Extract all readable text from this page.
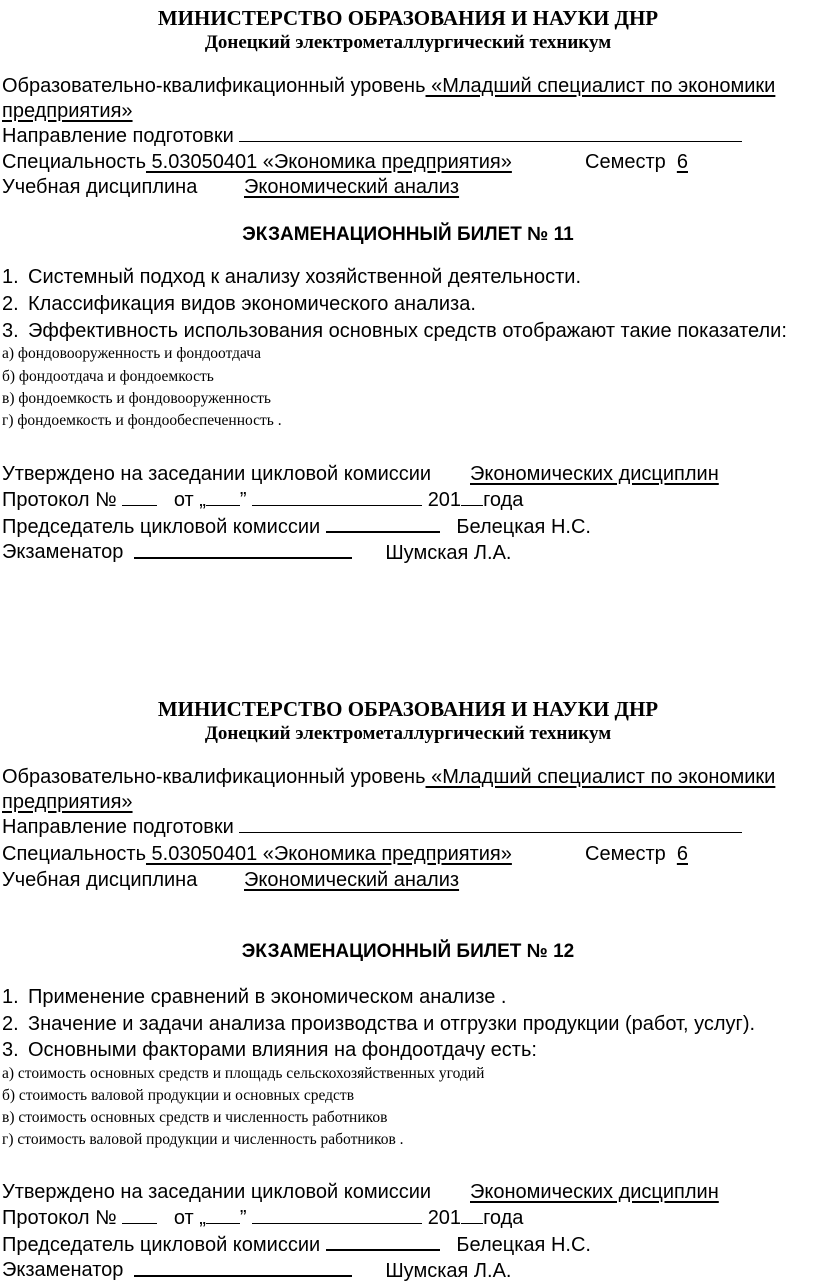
МИНИСТЕРСТВО ОБРАЗОВАНИЯ И НАУКИ ДНР
Донецкий электрометаллургический техникум
Образовательно-квалификационный уровень «Младший специалист по экономики
предприятия»
Направление подготовки
Специальность 5.03050401 «Экономика предприятия»	Семестр 6
Учебная дисциплина Экономический анализ
ЭКЗАМЕНАЦИОННЫЙ БИЛЕТ № 11
1. Системный подход к анализу хозяйственной деятельности.
2. Классификация видов экономического анализа.
3. Эффективность использования основных средств отображают такие показатели:
а) фондовооруженность и фондоотдача
б) фондоотдача и фондоемкость
в) фондоемкость и фондовооруженность
г) фондоемкость и фондообеспеченность .
Утверждено на заседании цикловой комиссии Экономических дисциплин
Протокол №	от „ ”	201 года
Председатель цикловой комиссии	Белецкая Н.С.
Экзаменатор	Шумская Л.А.
МИНИСТЕРСТВО ОБРАЗОВАНИЯ И НАУКИ ДНР
Донецкий электрометаллургический техникум
Образовательно-квалификационный уровень «Младший специалист по экономики
предприятия»
Направление подготовки
Специальность 5.03050401 «Экономика предприятия»	Семестр 6
Учебная дисциплина Экономический анализ
ЭКЗАМЕНАЦИОННЫЙ БИЛЕТ № 12
1. Применение сравнений в экономическом анализе .
2. Значение и задачи анализа производства и отгрузки продукции (работ, услуг).
3. Основными факторами влияния на фондоотдачу есть:
а) стоимость основных средств и площадь сельскохозяйственных угодий
б) стоимость валовой продукции и основных средств
в) стоимость основных средств и численность работников
г) стоимость валовой продукции и численность работников .
Утверждено на заседании цикловой комиссии Экономических дисциплин
Протокол №	от „ ”	201 года
Председатель цикловой комиссии	Белецкая Н.С.
Экзаменатор	Шумская Л.А.
